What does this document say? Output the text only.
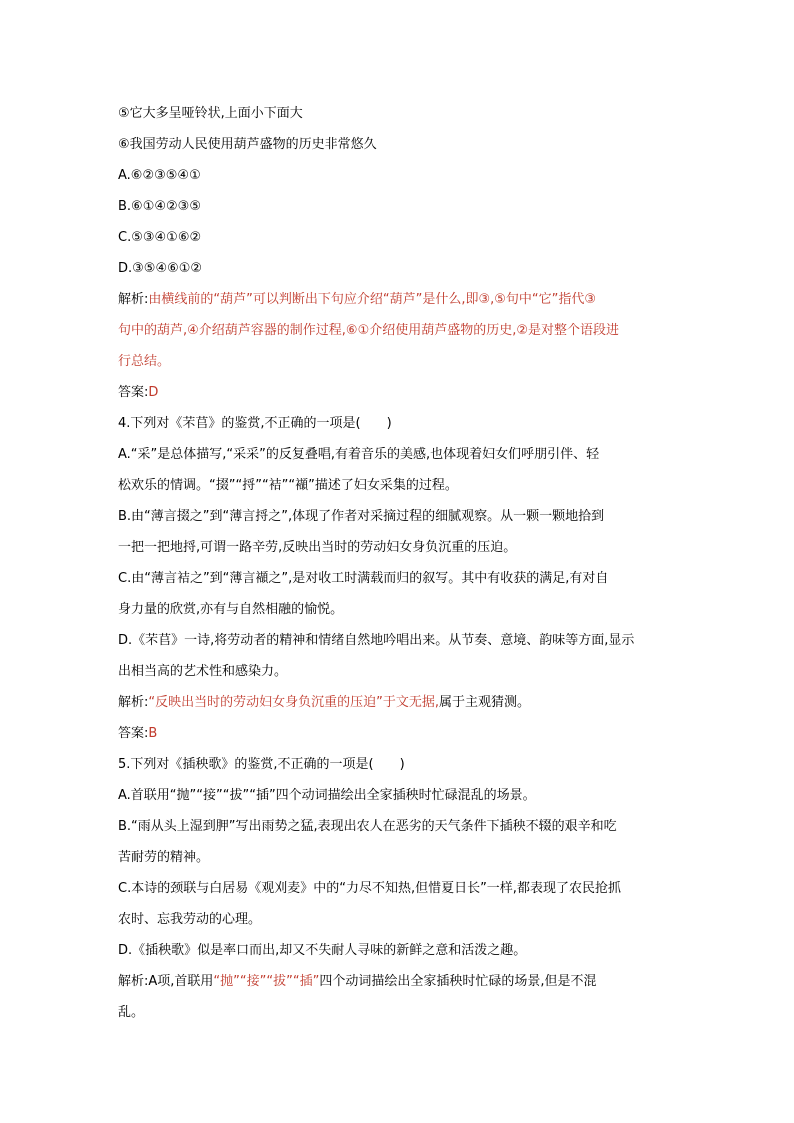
⑤它大多呈哑铃状,上面小下面大
⑥我国劳动人民使用葫芦盛物的历史非常悠久
A.⑥②③⑤④①
B.⑥①④②③⑤
C.⑤③④①⑥②
D.③⑤④⑥①②
解析:由横线前的“葫芦”可以判断出下句应介绍“葫芦”是什么,即③,⑤句中“它”指代③
句中的葫芦,④介绍葫芦容器的制作过程,⑥①介绍使用葫芦盛物的历史,②是对整个语段进
行总结。
答案:D
4.下列对《芣苢》的鉴赏,不正确的一项是(　　)
A.“采”是总体描写,“采采”的反复叠唱,有着音乐的美感,也体现着妇女们呼朋引伴、轻
松欢乐的情调。“掇”“捋”“袺”“襭”描述了妇女采集的过程。
B.由“薄言掇之”到“薄言捋之”,体现了作者对采摘过程的细腻观察。从一颗一颗地拾到
一把一把地捋,可谓一路辛劳,反映出当时的劳动妇女身负沉重的压迫。
C.由“薄言袺之”到“薄言襭之”,是对收工时满载而归的叙写。其中有收获的满足,有对自
身力量的欣赏,亦有与自然相融的愉悦。
D.《芣苢》一诗,将劳动者的精神和情绪自然地吟唱出来。从节奏、意境、韵味等方面,显示
出相当高的艺术性和感染力。
解析:“反映出当时的劳动妇女身负沉重的压迫”于文无据,属于主观猜测。
答案:B
5.下列对《插秧歌》的鉴赏,不正确的一项是(　　)
A.首联用“抛”“接”“拔”“插”四个动词描绘出全家插秧时忙碌混乱的场景。
B.“雨从头上湿到胛”写出雨势之猛,表现出农人在恶劣的天气条件下插秧不辍的艰辛和吃
苦耐劳的精神。
C.本诗的颈联与白居易《观刈麦》中的“力尽不知热,但惜夏日长”一样,都表现了农民抢抓
农时、忘我劳动的心理。
D.《插秧歌》似是率口而出,却又不失耐人寻味的新鲜之意和活泼之趣。
解析:A项,首联用“抛”“接”“拔”“插”四个动词描绘出全家插秧时忙碌的场景,但是不混
乱。
